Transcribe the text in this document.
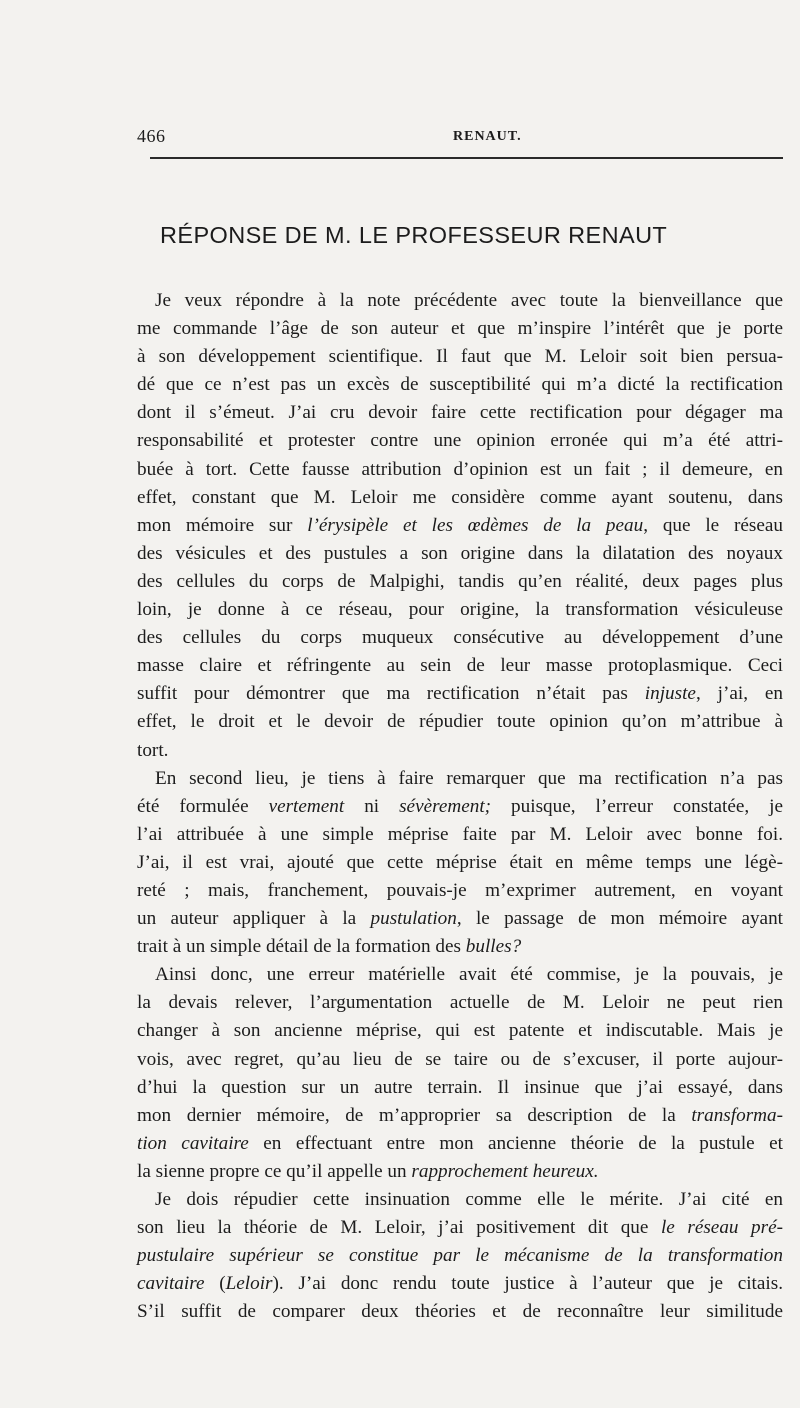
466	RENAUT.
RÉPONSE DE M. LE PROFESSEUR RENAUT
Je veux répondre à la note précédente avec toute la bienveillance que
me commande l’âge de son auteur et que m’inspire l’intérêt que je porte
à son développement scientifique. Il faut que M. Leloir soit bien persua-
dé que ce n’est pas un excès de susceptibilité qui m’a dicté la rectification
dont il s’émeut. J’ai cru devoir faire cette rectification pour dégager ma
responsabilité et protester contre une opinion erronée qui m’a été attri-
buée à tort. Cette fausse attribution d’opinion est un fait ; il demeure, en
effet, constant que M. Leloir me considère comme ayant soutenu, dans
mon mémoire sur l’érysipèle et les œdèmes de la peau, que le réseau
des vésicules et des pustules a son origine dans la dilatation des noyaux
des cellules du corps de Malpighi, tandis qu’en réalité, deux pages plus
loin, je donne à ce réseau, pour origine, la transformation vésiculeuse
des cellules du corps muqueux consécutive au développement d’une
masse claire et réfringente au sein de leur masse protoplasmique. Ceci
suffit pour démontrer que ma rectification n’était pas injuste, j’ai, en
effet, le droit et le devoir de répudier toute opinion qu’on m’attribue à
tort.
En second lieu, je tiens à faire remarquer que ma rectification n’a pas
été formulée vertement ni sévèrement; puisque, l’erreur constatée, je
l’ai attribuée à une simple méprise faite par M. Leloir avec bonne foi.
J’ai, il est vrai, ajouté que cette méprise était en même temps une légè-
reté ; mais, franchement, pouvais-je m’exprimer autrement, en voyant
un auteur appliquer à la pustulation, le passage de mon mémoire ayant
trait à un simple détail de la formation des bulles?
Ainsi donc, une erreur matérielle avait été commise, je la pouvais, je
la devais relever, l’argumentation actuelle de M. Leloir ne peut rien
changer à son ancienne méprise, qui est patente et indiscutable. Mais je
vois, avec regret, qu’au lieu de se taire ou de s’excuser, il porte aujour-
d’hui la question sur un autre terrain. Il insinue que j’ai essayé, dans
mon dernier mémoire, de m’approprier sa description de la transforma-
tion cavitaire en effectuant entre mon ancienne théorie de la pustule et
la sienne propre ce qu’il appelle un rapprochement heureux.
Je dois répudier cette insinuation comme elle le mérite. J’ai cité en
son lieu la théorie de M. Leloir, j’ai positivement dit que le réseau pré-
pustulaire supérieur se constitue par le mécanisme de la transformation
cavitaire (Leloir). J’ai donc rendu toute justice à l’auteur que je citais.
S’il suffit de comparer deux théories et de reconnaître leur similitude
